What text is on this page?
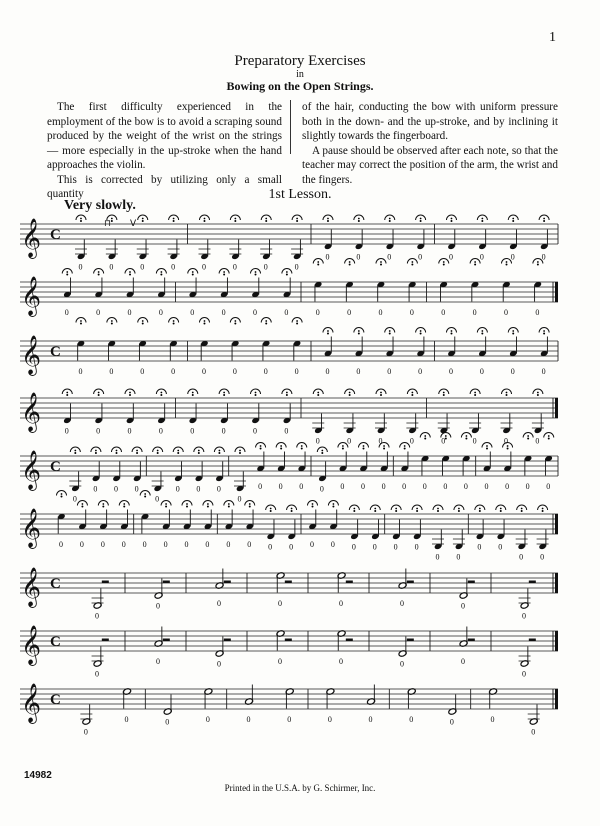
1
Preparatory Exercises
in
Bowing on the Open Strings.

The first difficulty experienced in the employment of the bow is to avoid a scraping sound produced by the weight of the wrist on the strings — more especially in the up-stroke when the hand approaches the violin.

This is corrected by utilizing only a small quantity

of the hair, conducting the bow with uniform pressure both in the down- and the up-stroke, and by inclining it slightly towards the fingerboard.

A pause should be observed after each note, so that the teacher may correct the position of the arm, the wrist and the fingers.

1st Lesson.
Very slowly.
𝄞 C
0	0	0	0	0	0	0	0
0	0	0	0	0	0	0	0
𝄞	0	0	0	0	0	0	0	0	0	0	0	0	0	0	0	0
𝄞 C
0	0	0	0	0	0	0	0	0	0	0	0	0	0	0	0
𝄞	0	0	0	0	0	0	0	0
0	0	0	0	0	0	0	0
𝄞 C
0
0 0 0
0
0 0 0
0
0 0 0 0 0 0 0 0 0 0 0 0 0 0 0
𝄞 0 0 0 0 0 0 0 0 0 0 0 0 0 0 0 0 0 0
0 0
0 0
0 0
𝄞 C
0
0	0	0	0	0	0
0
𝄞 C
0
0	0	0	0	0	0
0
𝄞 C
0
0	0	0	0	0	0	0	0	0	0
0
⊓ V
14982
Printed in the U.S.A. by G. Schirmer, Inc.
